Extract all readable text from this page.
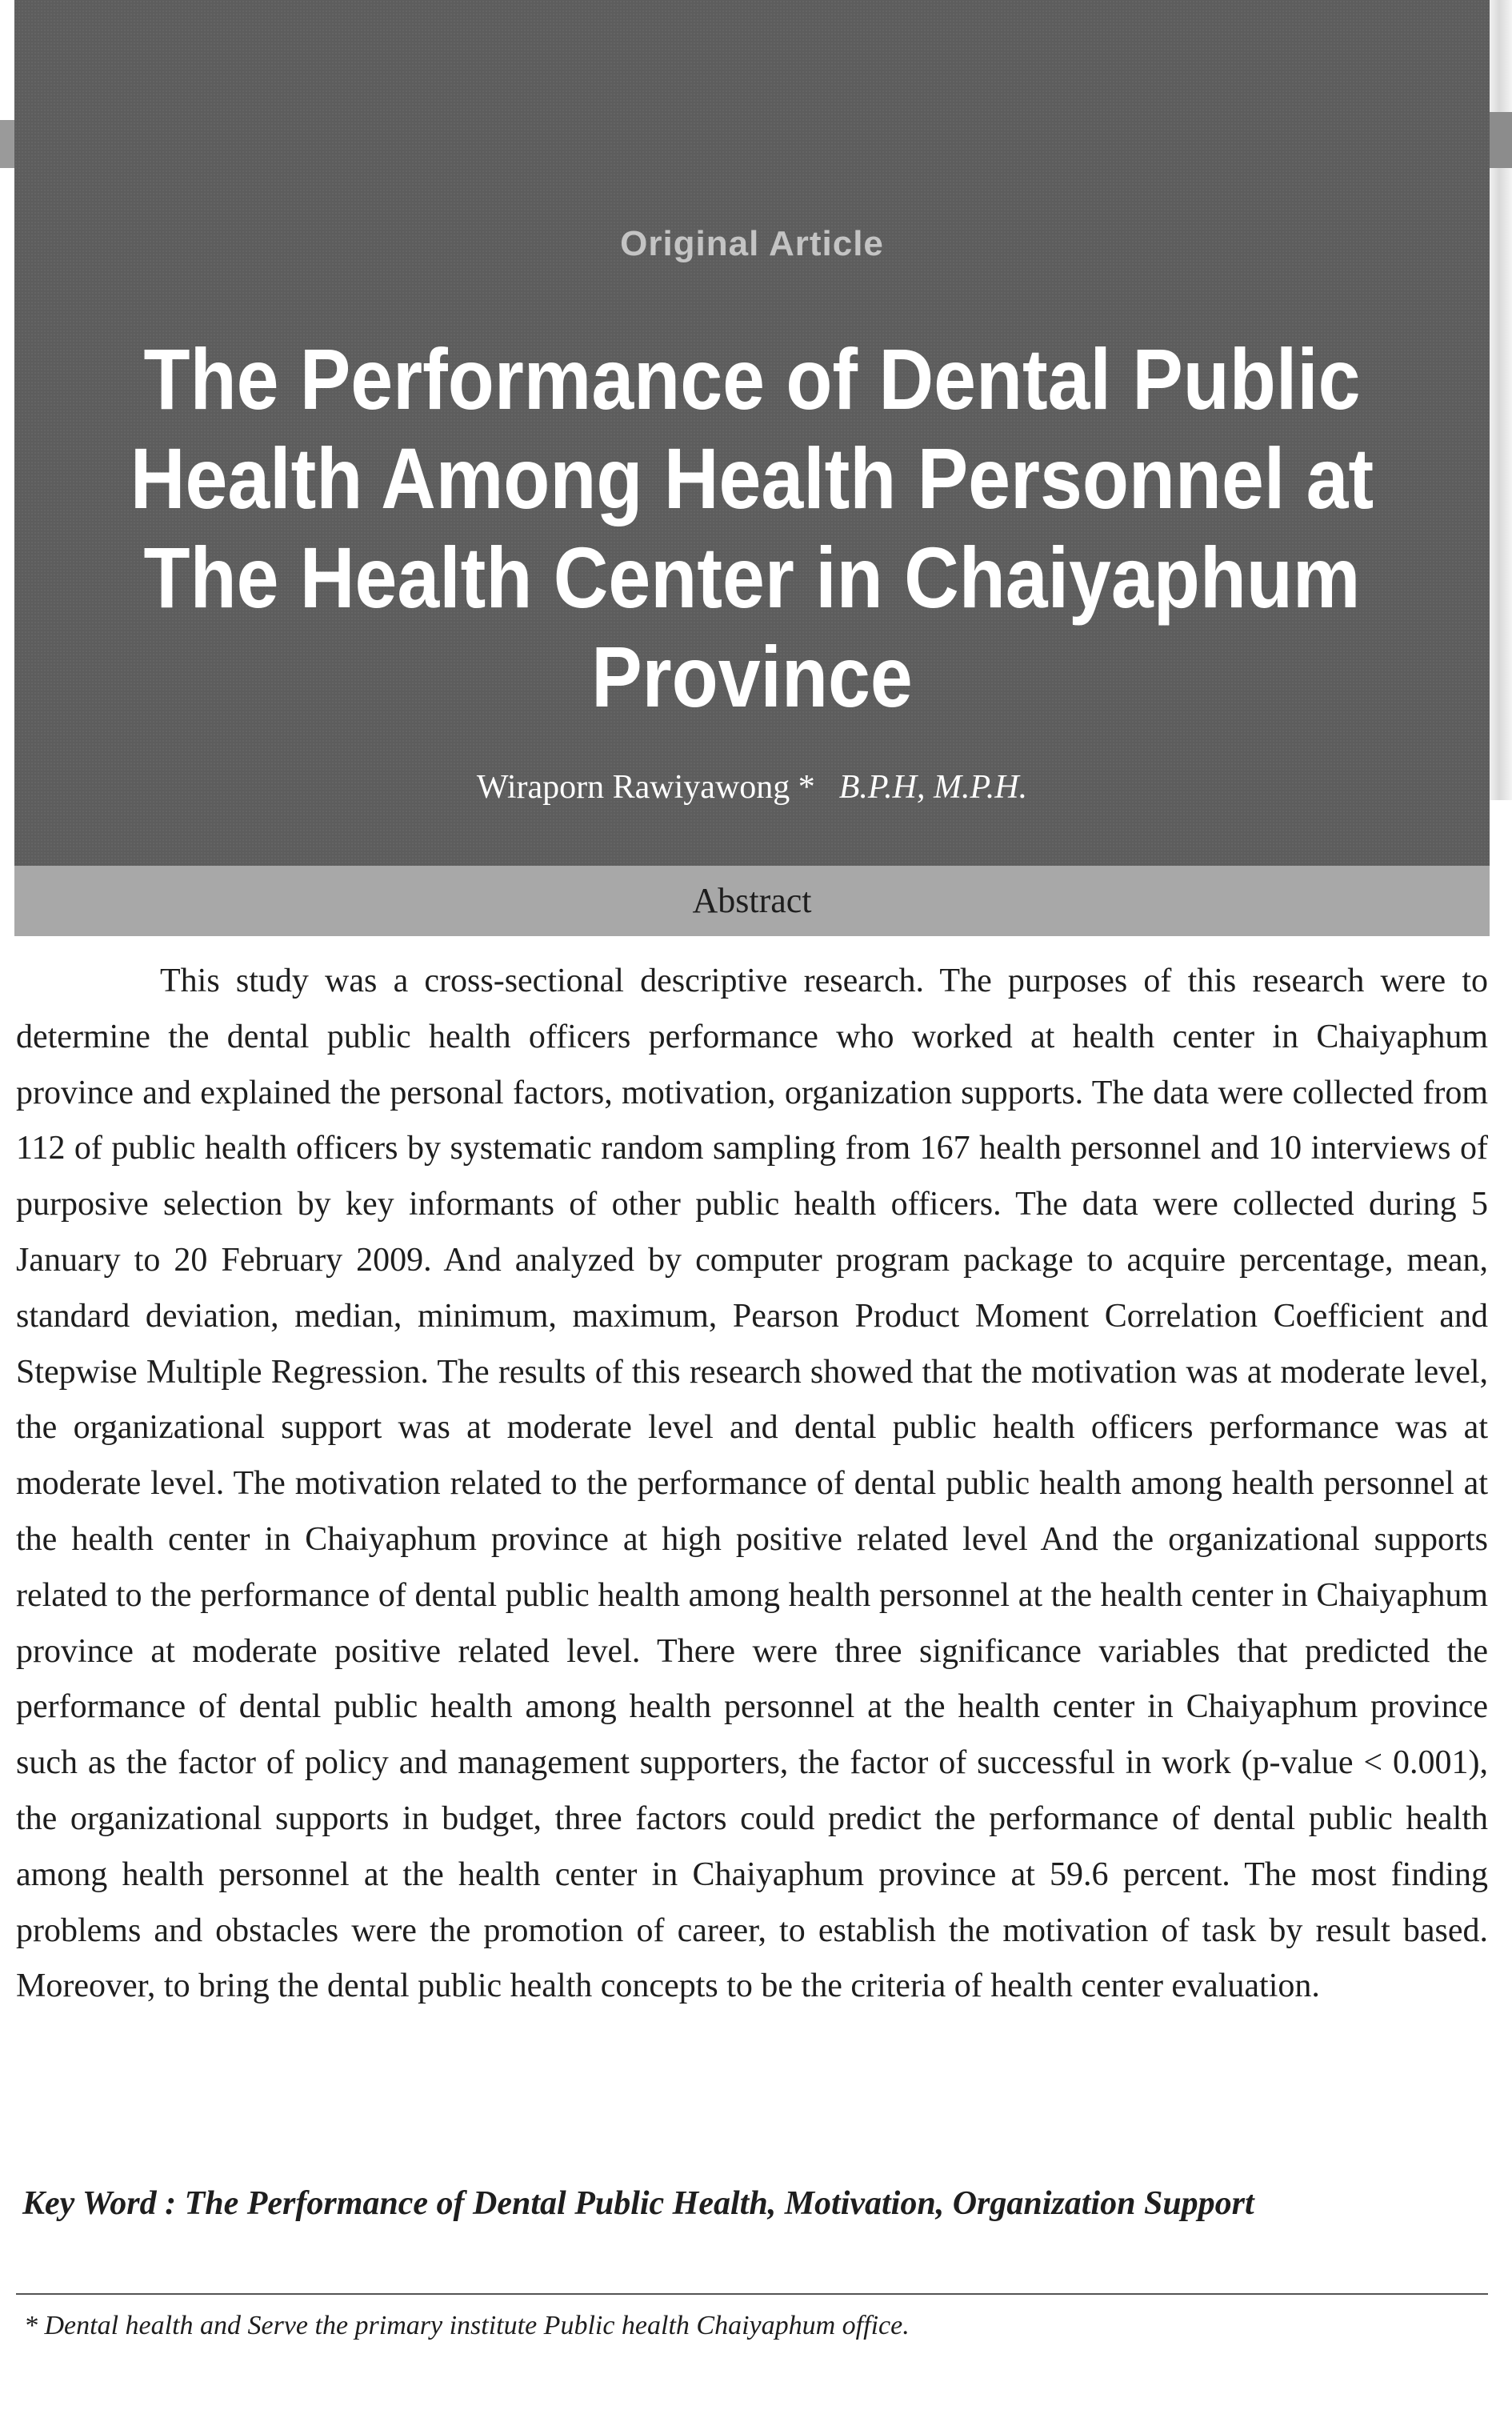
Original Article
The Performance of Dental Public Health Among Health Personnel at The Health Center in Chaiyaphum Province
Wiraporn Rawiyawong * B.P.H, M.P.H.
Abstract

This study was a cross-sectional descriptive research. The purposes of this research were to determine the dental public health officers performance who worked at health center in Chaiyaphum province and explained the personal factors, motivation, organization supports. The data were collected from 112 of public health officers by systematic random sampling from 167 health personnel and 10 interviews of purposive selection by key informants of other public health officers. The data were collected during 5 January to 20 February 2009. And analyzed by computer program package to acquire percentage, mean, standard deviation, median, minimum, maximum, Pearson Product Moment Correlation Coefficient and Stepwise Multiple Regression. The results of this research showed that the motivation was at moderate level, the organizational support was at moderate level and dental public health officers performance was at moderate level. The motivation related to the performance of dental public health among health personnel at the health center in Chaiyaphum province at high positive related level And the organizational supports related to the performance of dental public health among health personnel at the health center in Chaiyaphum province at moderate positive related level. There were three significance variables that predicted the performance of dental public health among health personnel at the health center in Chaiyaphum province such as the factor of policy and management supporters, the factor of successful in work (p-value < 0.001), the organizational supports in budget, three factors could predict the performance of dental public health among health personnel at the health center in Chaiyaphum province at 59.6 percent. The most finding problems and obstacles were the promotion of career, to establish the motivation of task by result based. Moreover, to bring the dental public health concepts to be the criteria of health center evaluation.

Key Word : The Performance of Dental Public Health, Motivation, Organization Support
* Dental health and Serve the primary institute Public health Chaiyaphum office.
